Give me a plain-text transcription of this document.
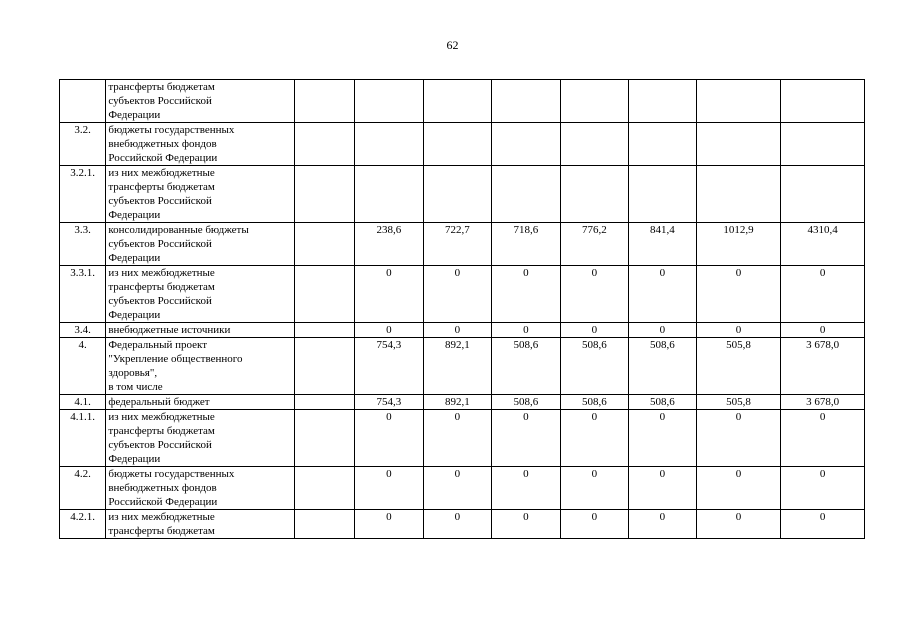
62

	трансферты бюджетам
субъектов Российской
Федерации								

3.2.	бюджеты государственных
внебюджетных фондов
Российской Федерации								

3.2.1.	из них межбюджетные
трансферты бюджетам
субъектов Российской
Федерации								

3.3.	консолидированные бюджеты
субъектов Российской
Федерации		238,6	722,7	718,6	776,2	841,4	1012,9	4310,4
3.3.1.	из них межбюджетные
трансферты бюджетам
субъектов Российской
Федерации		0	0	0	0	0	0	0
3.4.	внебюджетные источники		0	0	0	0	0	0	0
4.	Федеральный проект
"Укрепление общественного
здоровья",
в том числе		754,3	892,1	508,6	508,6	508,6	505,8	3 678,0
4.1.	федеральный бюджет		754,3	892,1	508,6	508,6	508,6	505,8	3 678,0
4.1.1.	из них межбюджетные
трансферты бюджетам
субъектов Российской
Федерации		0	0	0	0	0	0	0
4.2.	бюджеты государственных
внебюджетных фондов
Российской Федерации		0	0	0	0	0	0	0
4.2.1.	из них межбюджетные
трансферты бюджетам		0	0	0	0	0	0	0
